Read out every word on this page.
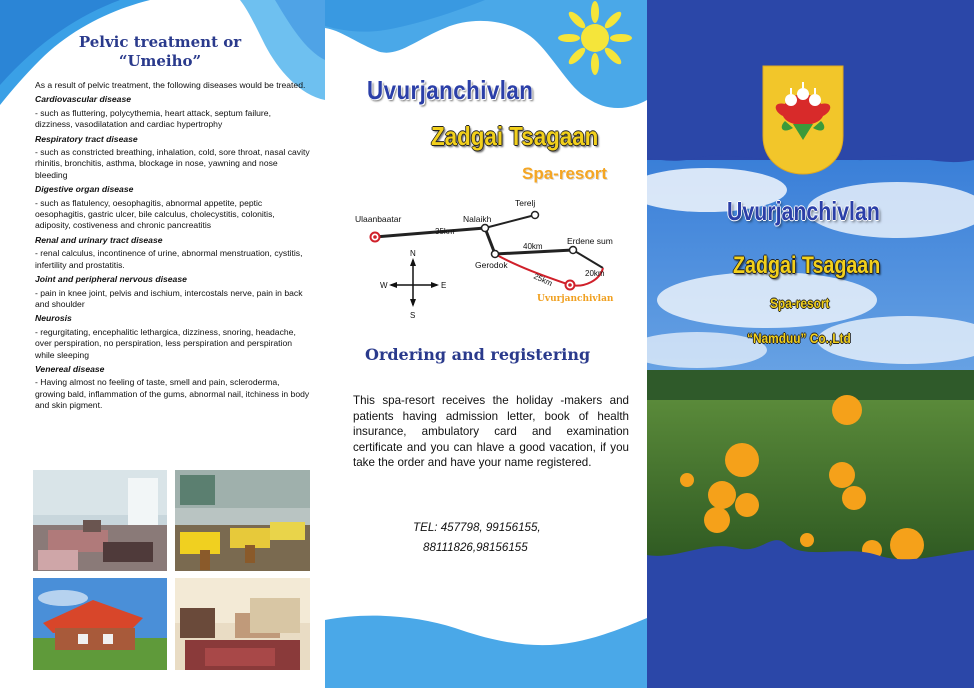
Pelvic treatment or
“Umeiho”

As a result of pelvic treatment, the following diseases would be treated.

Cardiovascular disease

- such as fluttering, polycythemia, heart attack, septum failure, dizziness, vasodilatation and cardiac hypertrophy

Respiratory tract disease

- such as constricted breathing, inhalation, cold, sore throat, nasal cavity rhinitis, bronchitis, asthma, blockage in nose, yawning and nose bleeding

Digestive organ disease

- such as flatulency, oesophagitis, abnormal appetite, peptic oesophagitis, gastric ulcer, bile calculus, cholecystitis, colonitis, adiposity, costiveness and chronic pancreatitis

Renal and urinary tract disease

- renal calculus, incontinence of urine, abnormal menstruation, cystitis, infertility and prostatitis.

Joint and peripheral nervous disease

- pain in knee joint, pelvis and ischium, intercostals nerve, pain in back and shoulder

Neurosis

- regurgitating, encephalitic lethargica, dizziness, snoring, headache, over perspiration, no perspiration, less perspiration and perspiration while sleeping

Venereal disease

- Having almost no feeling of taste, smell and pain, scleroderma, growing bald, inflammation of the gums, abnormal nail, itchiness in body and skin pigment.

Uvurjanchivlan
Zadgai Tsagaan
Spa-resort
Ulaanbaatar
35km
Nalaikh
Terelj
Gerodok
40km
Erdene sum
25km	20km
Uvurjanchivlan
N
S
W	E
Ordering and registering
This spa-resort receives the holiday -makers and patients having admission letter, book of health insurance, ambulatory card and examination certificate and you can hlave a good vacation, if you take the order and have your name registered.
TEL: 457798, 99156155,
88111826,98156155
Uvurjanchivlan
Zadgai Tsagaan
Spa-resort
“Namduu” Co.,Ltd
